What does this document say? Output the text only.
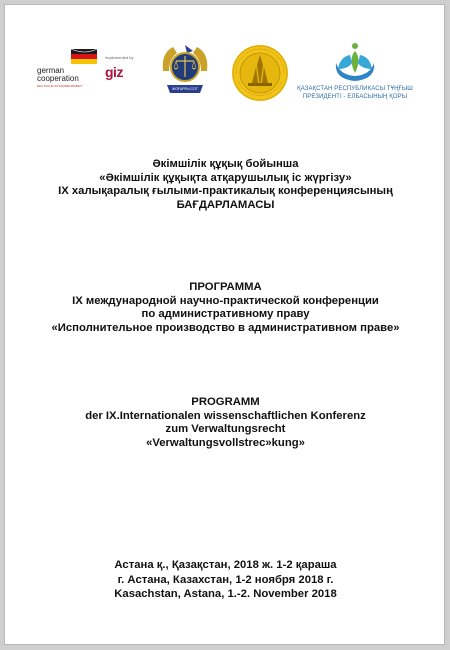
german
cooperation
DEUTSCHE ZUSAMMENARBEIT
Implemented by
giz
ЖОҒАРҒЫ СОТ	ҚАЗАҚСТАН РЕСПУБЛИКАСЫ ТҰҢҒЫШ
ПРЕЗИДЕНТІ - ЕЛБАСЫНЫҢ ҚОРЫ
Әкімшілік құқық бойынша
«Әкімшілік құқықта атқарушылық іс жүргізу»
IX халықаралық ғылыми-практикалық конференциясының
БАҒДАРЛАМАСЫ
ПРОГРАММА
IX международной научно-практической конференции
по административному праву
«Исполнительное производство в административном праве»
PROGRAMM
der IX.Internationalen wissenschaftlichen Konferenz
zum Verwaltungsrecht
«Verwaltungsvollstrec»kung»
Астана қ., Қазақстан, 2018 ж. 1-2 қараша
г. Астана, Казахстан, 1-2 ноября 2018 г.
Kasachstan, Astana, 1.-2. November 2018
